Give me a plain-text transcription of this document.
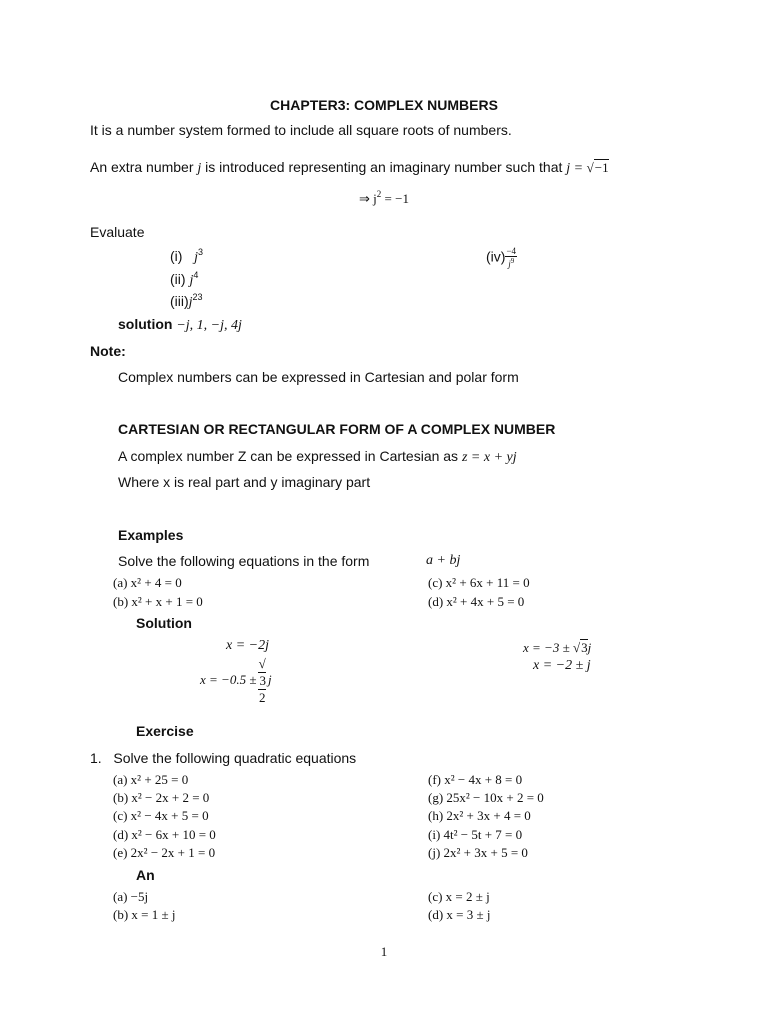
CHAPTER3: COMPLEX NUMBERS
It is a number system formed to include all square roots of numbers.
An extra number j is introduced representing an imaginary number such that j = √−1
⇒ $j^2 = -1$
Evaluate
(i) $j^3$
(ii) $j^4$
$(iii)j^{23}$
$(iv) \frac{-4}{j^9}$
solution −j, 1, −j, 4j
Note:
Complex numbers can be expressed in Cartesian and polar form
CARTESIAN OR RECTANGULAR FORM OF A COMPLEX NUMBER
A complex number Z can be expressed in Cartesian as z = x + yj
Where x is real part and y imaginary part
Examples
Solve the following equations in the form	a + bj
(a) x² + 4 = 0
(b) x² + x + 1 = 0
(c) x² + 6x + 11 = 0
(d) x² + 4x + 5 = 0
Solution
x = −2j
x = −0.5 ± √
3
2 j
x = −3 ± √3j
x = −2 ± j
Exercise
1. Solve the following quadratic equations
(a) x² + 25 = 0
(b) x² − 2x + 2 = 0
(c) x² − 4x + 5 = 0
(d) x² − 6x + 10 = 0
(e) 2x² − 2x + 1 = 0
(f) x² − 4x + 8 = 0
(g) 25x² − 10x + 2 = 0
(h) 2x² + 3x + 4 = 0
(i) 4t² − 5t + 7 = 0
(j) 2x² + 3x + 5 = 0
An
(a) −5j
(b) x = 1 ± j
(c) x = 2 ± j
(d) x = 3 ± j
1
